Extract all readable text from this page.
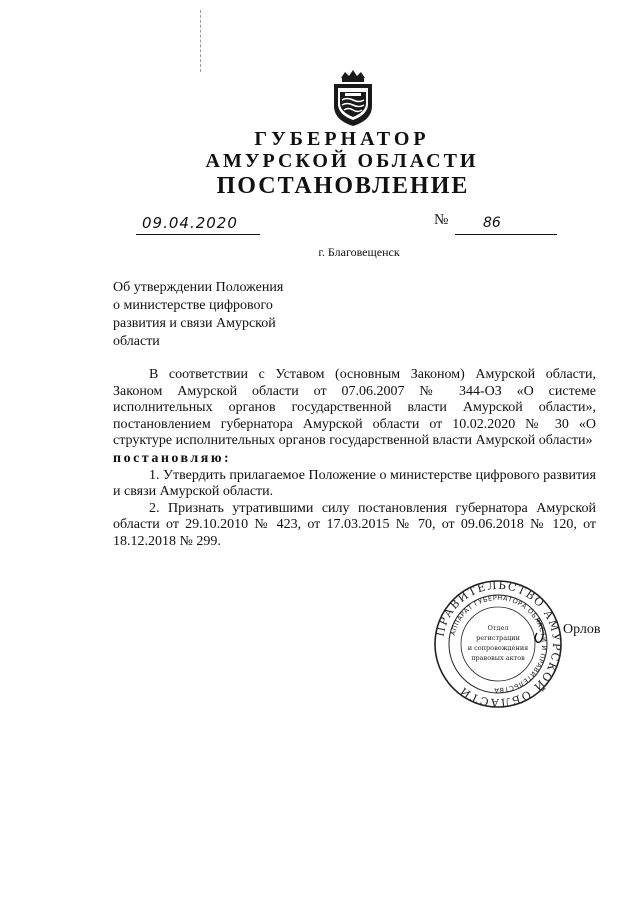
ГУБЕРНАТОР
АМУРСКОЙ ОБЛАСТИ
ПОСТАНОВЛЕНИЕ
09.04.2020	№	86
г. Благовещенск
Об утверждении Положения
о министерстве цифрового
развития и связи Амурской
области

В соответствии с Уставом (основным Законом) Амурской области, Законом Амурской области от 07.06.2007 № 344-ОЗ «О системе исполнительных органов государственной власти Амурской области», постановлением губернатора Амурской области от 10.02.2020 № 30 «О структуре исполнительных органов государственной власти Амурской области»

постановляю:

1. Утвердить прилагаемое Положение о министерстве цифрового развития и связи Амурской области.

2. Признать утратившими силу постановления губернатора Амурской области от 29.10.2010 № 423, от 17.03.2015 № 70, от 09.06.2018 № 120, от 18.12.2018 № 299.

ПРАВИТЕЛЬСТВО АМУРСКОЙ ОБЛАСТИ
АППАРАТ ГУБЕРНАТОРА ОБЛАСТИ И ПРАВИТЕЛЬСТВА
Отдел
регистрации
и сопровождения
правовых актов
Орлов
